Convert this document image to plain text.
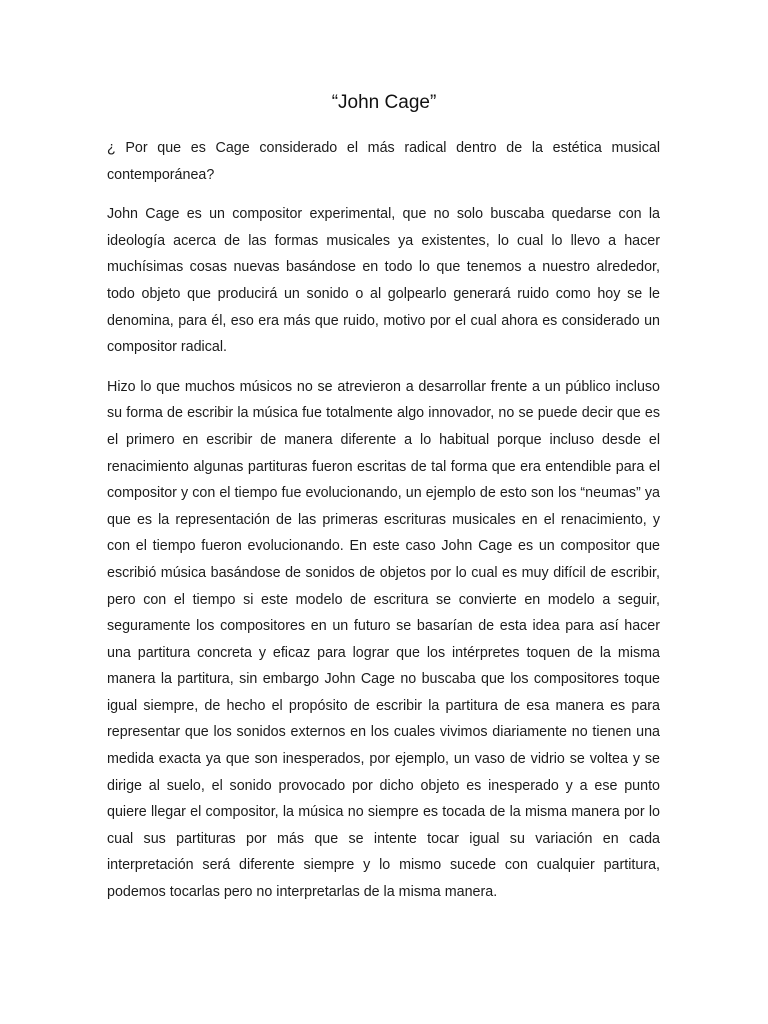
“John Cage”

¿ Por que es Cage considerado el más radical dentro de la estética musical contemporánea?

John Cage es un compositor experimental, que no solo buscaba quedarse con la ideología acerca de las formas musicales ya existentes, lo cual lo llevo a hacer muchísimas cosas nuevas basándose en todo lo que tenemos a nuestro alrededor, todo objeto que producirá un sonido o al golpearlo generará ruido como hoy se le denomina, para él, eso era más que ruido, motivo por el cual ahora es considerado un compositor radical.

Hizo lo que muchos músicos no se atrevieron a desarrollar frente a un público incluso su forma de escribir la música fue totalmente algo innovador, no se puede decir que es el primero en escribir de manera diferente a lo habitual porque incluso desde el renacimiento algunas partituras fueron escritas de tal forma que era entendible para el compositor y con el tiempo fue evolucionando, un ejemplo de esto son los “neumas” ya que es la representación de las primeras escrituras musicales en el renacimiento, y con el tiempo fueron evolucionando. En este caso John Cage es un compositor que escribió música basándose de sonidos de objetos por lo cual es muy difícil de escribir, pero con el tiempo si este modelo de escritura se convierte en modelo a seguir, seguramente los compositores en un futuro se basarían de esta idea para así hacer una partitura concreta y eficaz para lograr que los intérpretes toquen de la misma manera la partitura, sin embargo John Cage no buscaba que los compositores toque igual siempre, de hecho el propósito de escribir la partitura de esa manera es para representar que los sonidos externos en los cuales vivimos diariamente no tienen una medida exacta ya que son inesperados, por ejemplo, un vaso de vidrio se voltea y se dirige al suelo, el sonido provocado por dicho objeto es inesperado y a ese punto quiere llegar el compositor, la música no siempre es tocada de la misma manera por lo cual sus partituras por más que se intente tocar igual su variación en cada interpretación será diferente siempre y lo mismo sucede con cualquier partitura, podemos tocarlas pero no interpretarlas de la misma manera.
